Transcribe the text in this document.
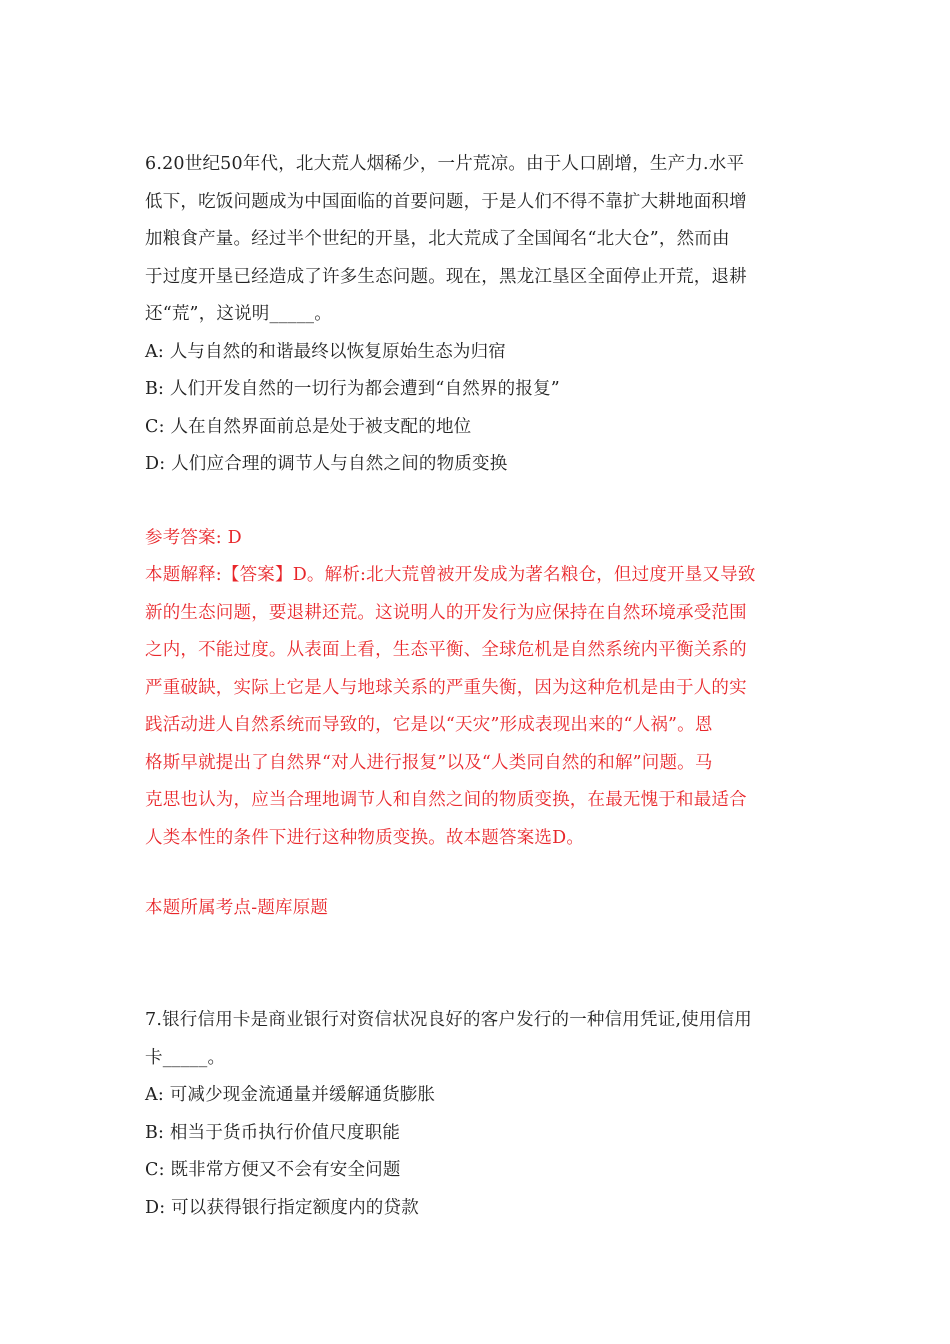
6.20世纪50年代，北大荒人烟稀少，一片荒凉。由于人口剧增，生产力.水平
低下，吃饭问题成为中国面临的首要问题，于是人们不得不靠扩大耕地面积增
加粮食产量。经过半个世纪的开垦，北大荒成了全国闻名“北大仓”，然而由
于过度开垦已经造成了许多生态问题。现在，黑龙江垦区全面停止开荒，退耕
还“荒”，这说明_____。
A: 人与自然的和谐最终以恢复原始生态为归宿
B: 人们开发自然的一切行为都会遭到“自然界的报复”
C: 人在自然界面前总是处于被支配的地位
D: 人们应合理的调节人与自然之间的物质变换
参考答案: D
本题解释:【答案】D。解析:北大荒曾被开发成为著名粮仓，但过度开垦又导致
新的生态问题，要退耕还荒。这说明人的开发行为应保持在自然环境承受范围
之内，不能过度。从表面上看，生态平衡、全球危机是自然系统内平衡关系的
严重破缺，实际上它是人与地球关系的严重失衡，因为这种危机是由于人的实
践活动进人自然系统而导致的，它是以“天灾”形成表现出来的“人祸”。恩
格斯早就提出了自然界“对人进行报复”以及“人类同自然的和解”问题。马
克思也认为，应当合理地调节人和自然之间的物质变换，在最无愧于和最适合
人类本性的条件下进行这种物质变换。故本题答案选D。
本题所属考点-题库原题
7.银行信用卡是商业银行对资信状况良好的客户发行的一种信用凭证,使用信用
卡_____。
A: 可减少现金流通量并缓解通货膨胀
B: 相当于货币执行价值尺度职能
C: 既非常方便又不会有安全问题
D: 可以获得银行指定额度内的贷款
